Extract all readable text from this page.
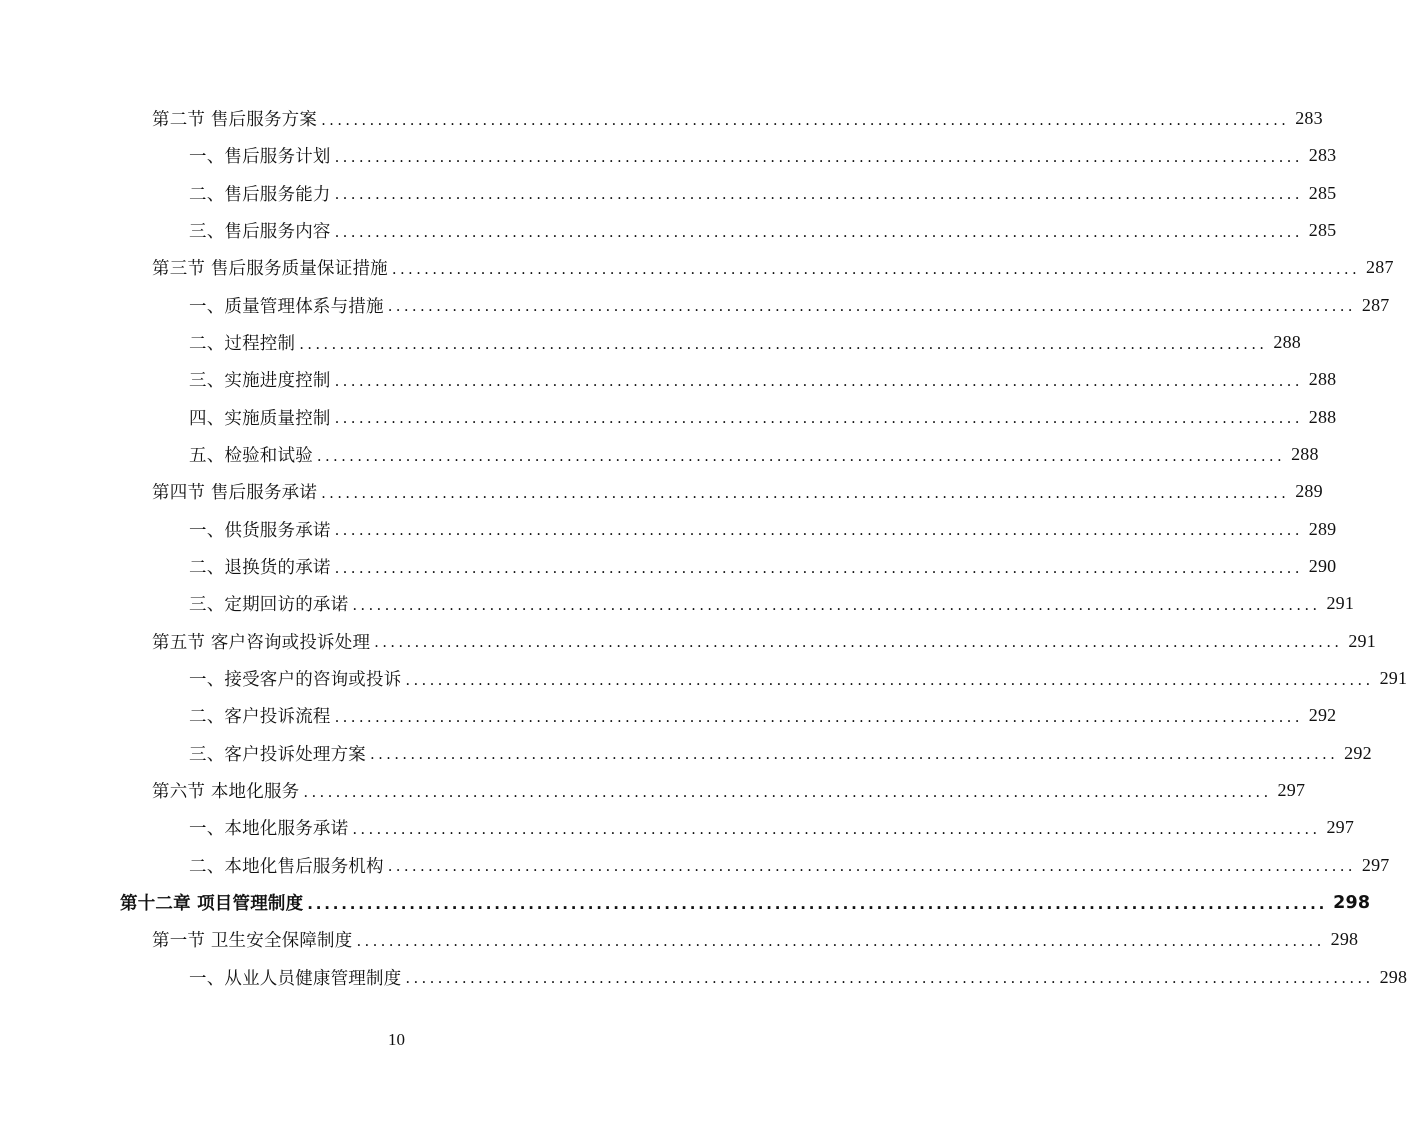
第二节 售后服务方案 ........................................................................................................................ 283
一、售后服务计划 ........................................................................................................................ 283
二、售后服务能力 ........................................................................................................................ 285
三、售后服务内容 ........................................................................................................................ 285
第三节 售后服务质量保证措施 ........................................................................................................................ 287
一、质量管理体系与措施 ........................................................................................................................ 287
二、过程控制 ........................................................................................................................ 288
三、实施进度控制 ........................................................................................................................ 288
四、实施质量控制 ........................................................................................................................ 288
五、检验和试验 ........................................................................................................................ 288
第四节 售后服务承诺 ........................................................................................................................ 289
一、供货服务承诺 ........................................................................................................................ 289
二、退换货的承诺 ........................................................................................................................ 290
三、定期回访的承诺 ........................................................................................................................ 291
第五节 客户咨询或投诉处理 ........................................................................................................................ 291
一、接受客户的咨询或投诉 ........................................................................................................................ 291
二、客户投诉流程 ........................................................................................................................ 292
三、客户投诉处理方案 ........................................................................................................................ 292
第六节 本地化服务 ........................................................................................................................ 297
一、本地化服务承诺 ........................................................................................................................ 297
二、本地化售后服务机构 ........................................................................................................................ 297
第十二章 项目管理制度 ........................................................................................................................ 298
第一节 卫生安全保障制度 ........................................................................................................................ 298
一、从业人员健康管理制度 ........................................................................................................................ 298
10
